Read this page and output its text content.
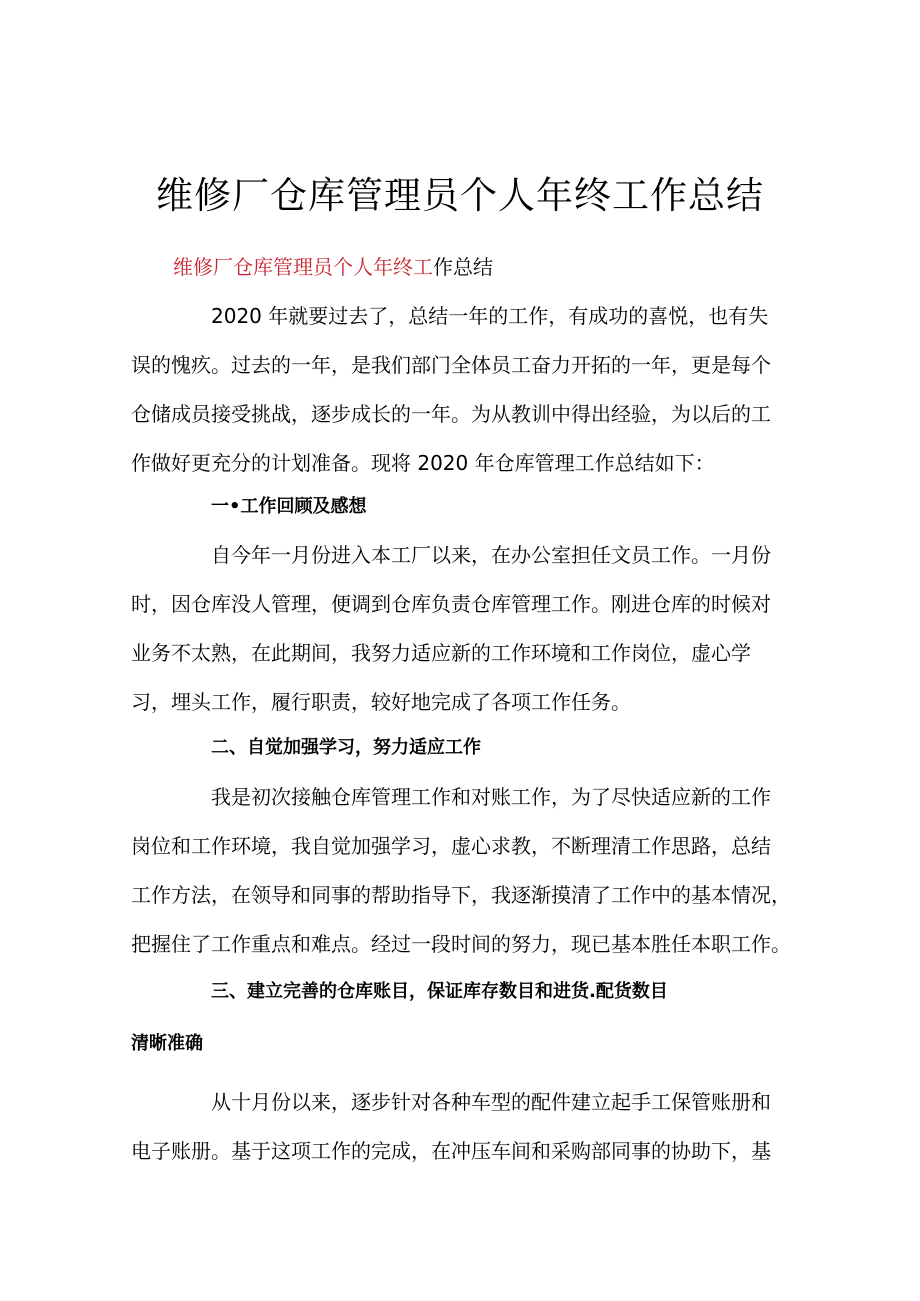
维修厂仓库管理员个人年终工作总结
维修厂仓库管理员个人年终工作总结
2020 年就要过去了，总结一年的工作，有成功的喜悦，也有失
误的愧疚。过去的一年，是我们部门全体员工奋力开拓的一年，更是每个
仓储成员接受挑战，逐步成长的一年。为从教训中得出经验，为以后的工
作做好更充分的计划准备。现将 2020 年仓库管理工作总结如下：
一•工作回顾及感想
自今年一月份进入本工厂以来，在办公室担任文员工作。一月份
时，因仓库没人管理，便调到仓库负责仓库管理工作。刚进仓库的时候对
业务不太熟，在此期间，我努力适应新的工作环境和工作岗位，虚心学
习，埋头工作，履行职责，较好地完成了各项工作任务。
二、自觉加强学习，努力适应工作
我是初次接触仓库管理工作和对账工作，为了尽快适应新的工作
岗位和工作环境，我自觉加强学习，虚心求教，不断理清工作思路，总结
工作方法，在领导和同事的帮助指导下，我逐渐摸清了工作中的基本情况，
把握住了工作重点和难点。经过一段时间的努力，现已基本胜任本职工作。
三、建立完善的仓库账目，保证库存数目和进货.配货数目
清晰准确
从十月份以来，逐步针对各种车型的配件建立起手工保管账册和
电子账册。基于这项工作的完成，在冲压车间和采购部同事的协助下，基
